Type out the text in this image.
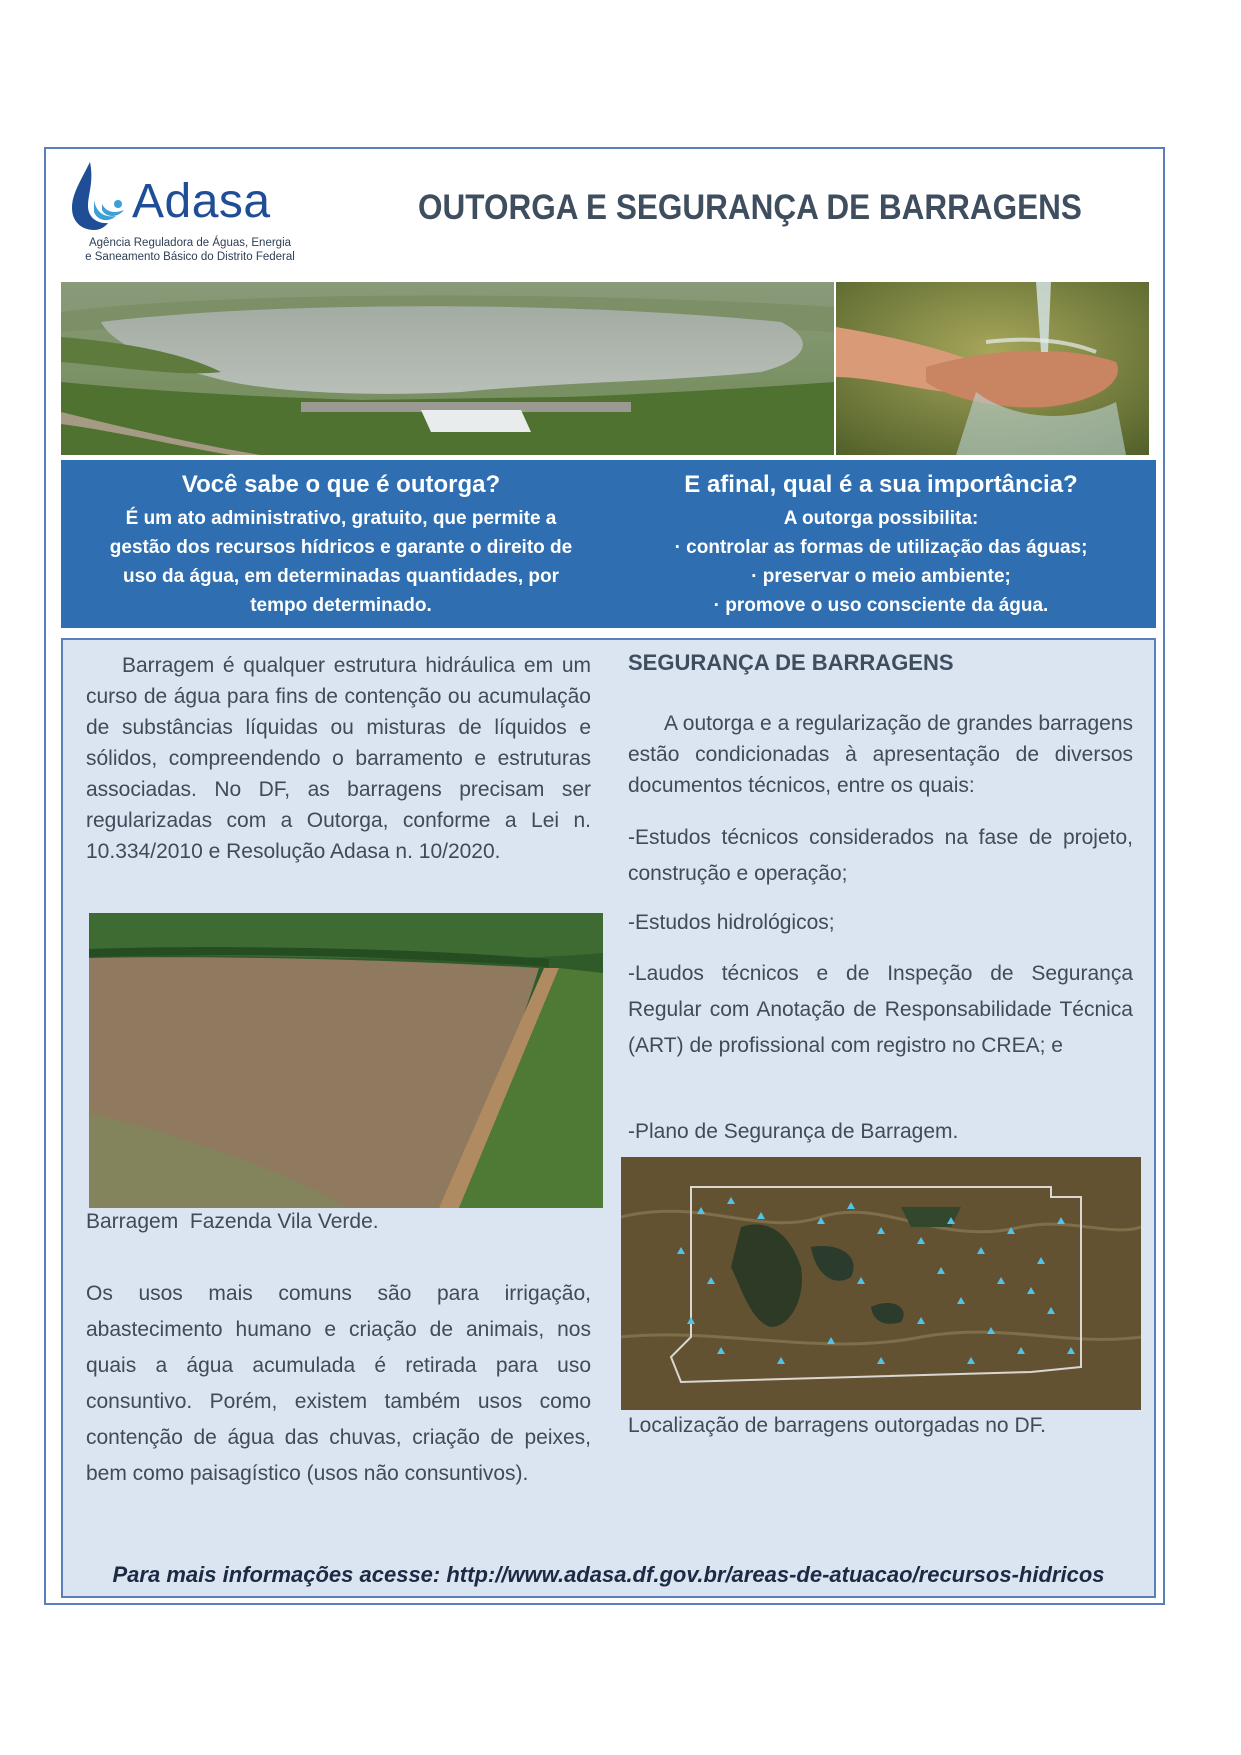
Adasa
Agência Reguladora de Águas, Energia
e Saneamento Básico do Distrito Federal
OUTORGA E SEGURANÇA DE BARRAGENS
Você sabe o que é outorga?

É um ato administrativo, gratuito, que permite a

gestão dos recursos hídricos e garante o direito de

uso da água, em determinadas quantidades, por

tempo determinado.

E afinal, qual é a sua importância?

A outorga possibilita:

· controlar as formas de utilização das águas;

· preservar o meio ambiente;

· promove o uso consciente da água.

Barragem é qualquer estrutura hidráulica em um curso de água para fins de contenção ou acumulação de substâncias líquidas ou misturas de líquidos e sólidos, compreendendo o barramento e estruturas associadas. No DF, as barragens precisam ser regularizadas com a Outorga, conforme a Lei n. 10.334/2010 e Resolução Adasa n. 10/2020.
Barragem  Fazenda Vila Verde.
Os usos mais comuns são para irrigação, abastecimento humano e criação de animais, nos quais a água acumulada é retirada para uso consuntivo. Porém, existem também usos como contenção de água das chuvas, criação de peixes, bem como paisagístico (usos não consuntivos).
SEGURANÇA DE BARRAGENS
A outorga e a regularização de grandes barragens estão condicionadas à apresentação de diversos documentos técnicos, entre os quais:
-Estudos técnicos considerados na fase de projeto, construção e operação;
-Estudos hidrológicos;
-Laudos técnicos e de Inspeção de Segurança Regular com Anotação de Responsabilidade Técnica (ART) de profissional com registro no CREA; e
-Plano de Segurança de Barragem.
Localização de barragens outorgadas no DF.
Para mais informações acesse: http://www.adasa.df.gov.br/areas-de-atuacao/recursos-hidricos
